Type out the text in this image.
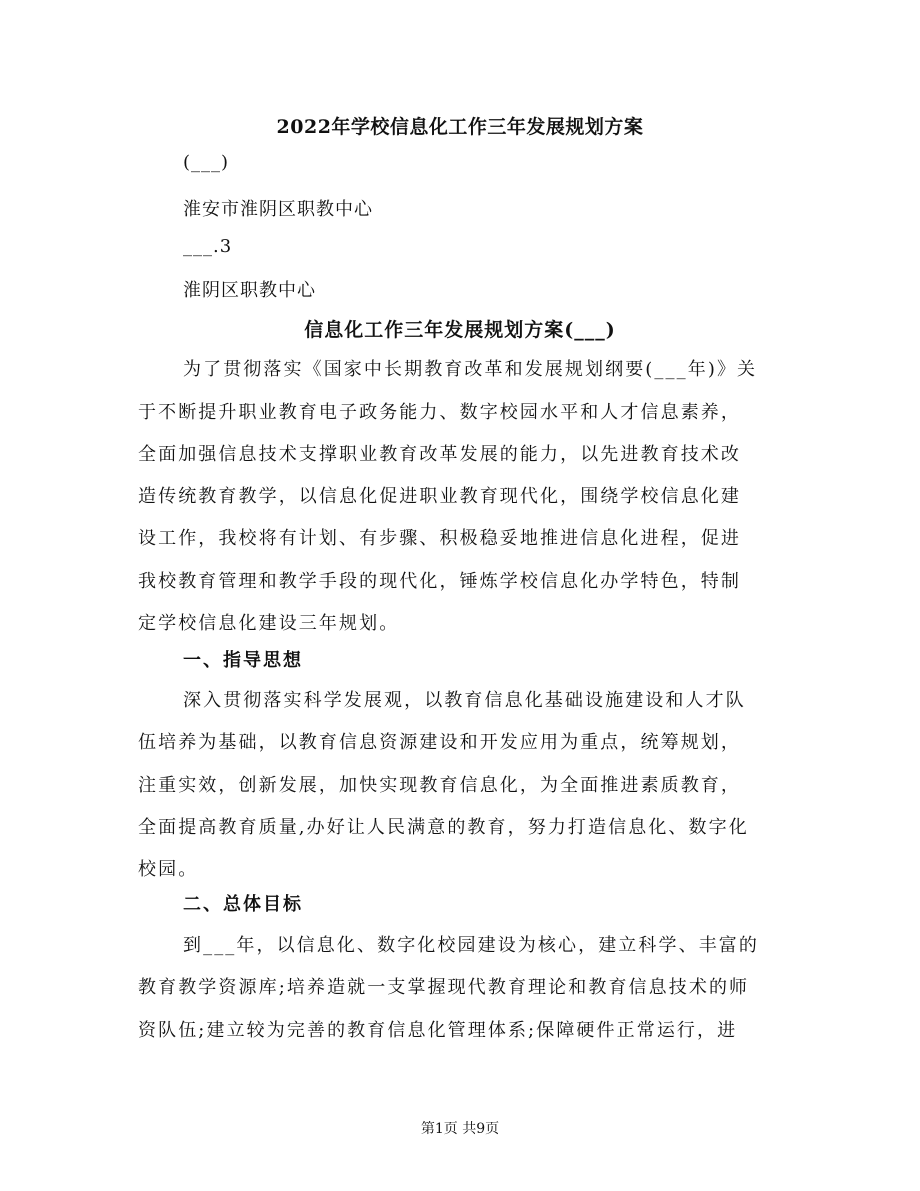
2022年学校信息化工作三年发展规划方案
(___)
淮安市淮阴区职教中心
___.3
淮阴区职教中心
信息化工作三年发展规划方案(___)
为了贯彻落实《国家中长期教育改革和发展规划纲要(___年)》关
于不断提升职业教育电子政务能力、数字校园水平和人才信息素养，
全面加强信息技术支撑职业教育改革发展的能力，以先进教育技术改
造传统教育教学，以信息化促进职业教育现代化，围绕学校信息化建
设工作，我校将有计划、有步骤、积极稳妥地推进信息化进程，促进
我校教育管理和教学手段的现代化，锤炼学校信息化办学特色，特制
定学校信息化建设三年规划。
一、指导思想
深入贯彻落实科学发展观，以教育信息化基础设施建设和人才队
伍培养为基础，以教育信息资源建设和开发应用为重点，统筹规划，
注重实效，创新发展，加快实现教育信息化，为全面推进素质教育，
全面提高教育质量,办好让人民满意的教育，努力打造信息化、数字化
校园。
二、总体目标
到___年，以信息化、数字化校园建设为核心，建立科学、丰富的
教育教学资源库;培养造就一支掌握现代教育理论和教育信息技术的师
资队伍;建立较为完善的教育信息化管理体系;保障硬件正常运行，进
第1页 共9页
